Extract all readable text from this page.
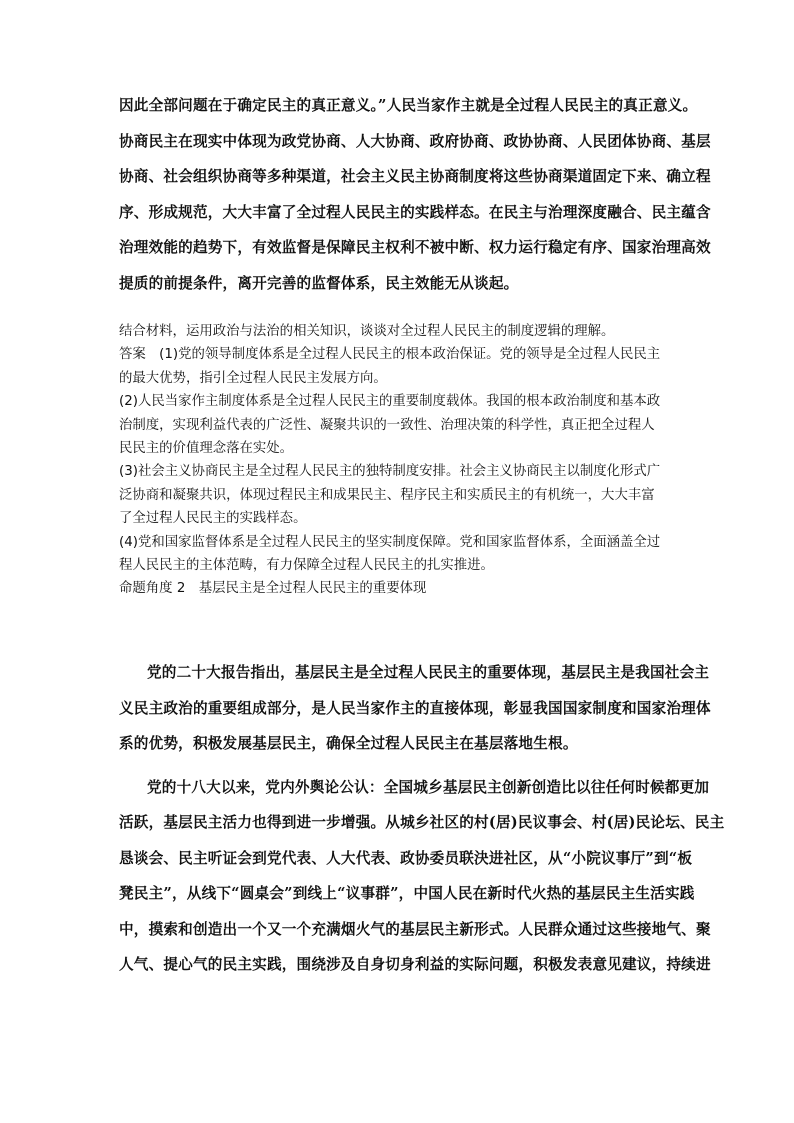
因此全部问题在于确定民主的真正意义。”人民当家作主就是全过程人民民主的真正意义。
协商民主在现实中体现为政党协商、人大协商、政府协商、政协协商、人民团体协商、基层
协商、社会组织协商等多种渠道，社会主义民主协商制度将这些协商渠道固定下来、确立程
序、形成规范，大大丰富了全过程人民民主的实践样态。在民主与治理深度融合、民主蕴含
治理效能的趋势下，有效监督是保障民主权利不被中断、权力运行稳定有序、国家治理高效
提质的前提条件，离开完善的监督体系，民主效能无从谈起。
结合材料，运用政治与法治的相关知识，谈谈对全过程人民民主的制度逻辑的理解。
答案　(1)党的领导制度体系是全过程人民民主的根本政治保证。党的领导是全过程人民民主
的最大优势，指引全过程人民民主发展方向。
(2)人民当家作主制度体系是全过程人民民主的重要制度载体。我国的根本政治制度和基本政
治制度，实现利益代表的广泛性、凝聚共识的一致性、治理决策的科学性，真正把全过程人
民民主的价值理念落在实处。
(3)社会主义协商民主是全过程人民民主的独特制度安排。社会主义协商民主以制度化形式广
泛协商和凝聚共识，体现过程民主和成果民主、程序民主和实质民主的有机统一，大大丰富
了全过程人民民主的实践样态。
(4)党和国家监督体系是全过程人民民主的坚实制度保障。党和国家监督体系，全面涵盖全过
程人民民主的主体范畴，有力保障全过程人民民主的扎实推进。
命题角度 2　基层民主是全过程人民民主的重要体现
党的二十大报告指出，基层民主是全过程人民民主的重要体现，基层民主是我国社会主
义民主政治的重要组成部分，是人民当家作主的直接体现，彰显我国国家制度和国家治理体
系的优势，积极发展基层民主，确保全过程人民民主在基层落地生根。
党的十八大以来，党内外舆论公认：全国城乡基层民主创新创造比以往任何时候都更加
活跃，基层民主活力也得到进一步增强。从城乡社区的村(居)民议事会、村(居)民论坛、民主
恳谈会、民主听证会到党代表、人大代表、政协委员联決进社区，从“小院议事厅”到“板
凳民主”，从线下“圆桌会”到线上“议事群”，中国人民在新时代火热的基层民主生活实践
中，摸索和创造出一个又一个充满烟火气的基层民主新形式。人民群众通过这些接地气、聚
人气、提心气的民主实践，围绕涉及自身切身利益的实际问题，积极发表意见建议，持续进
